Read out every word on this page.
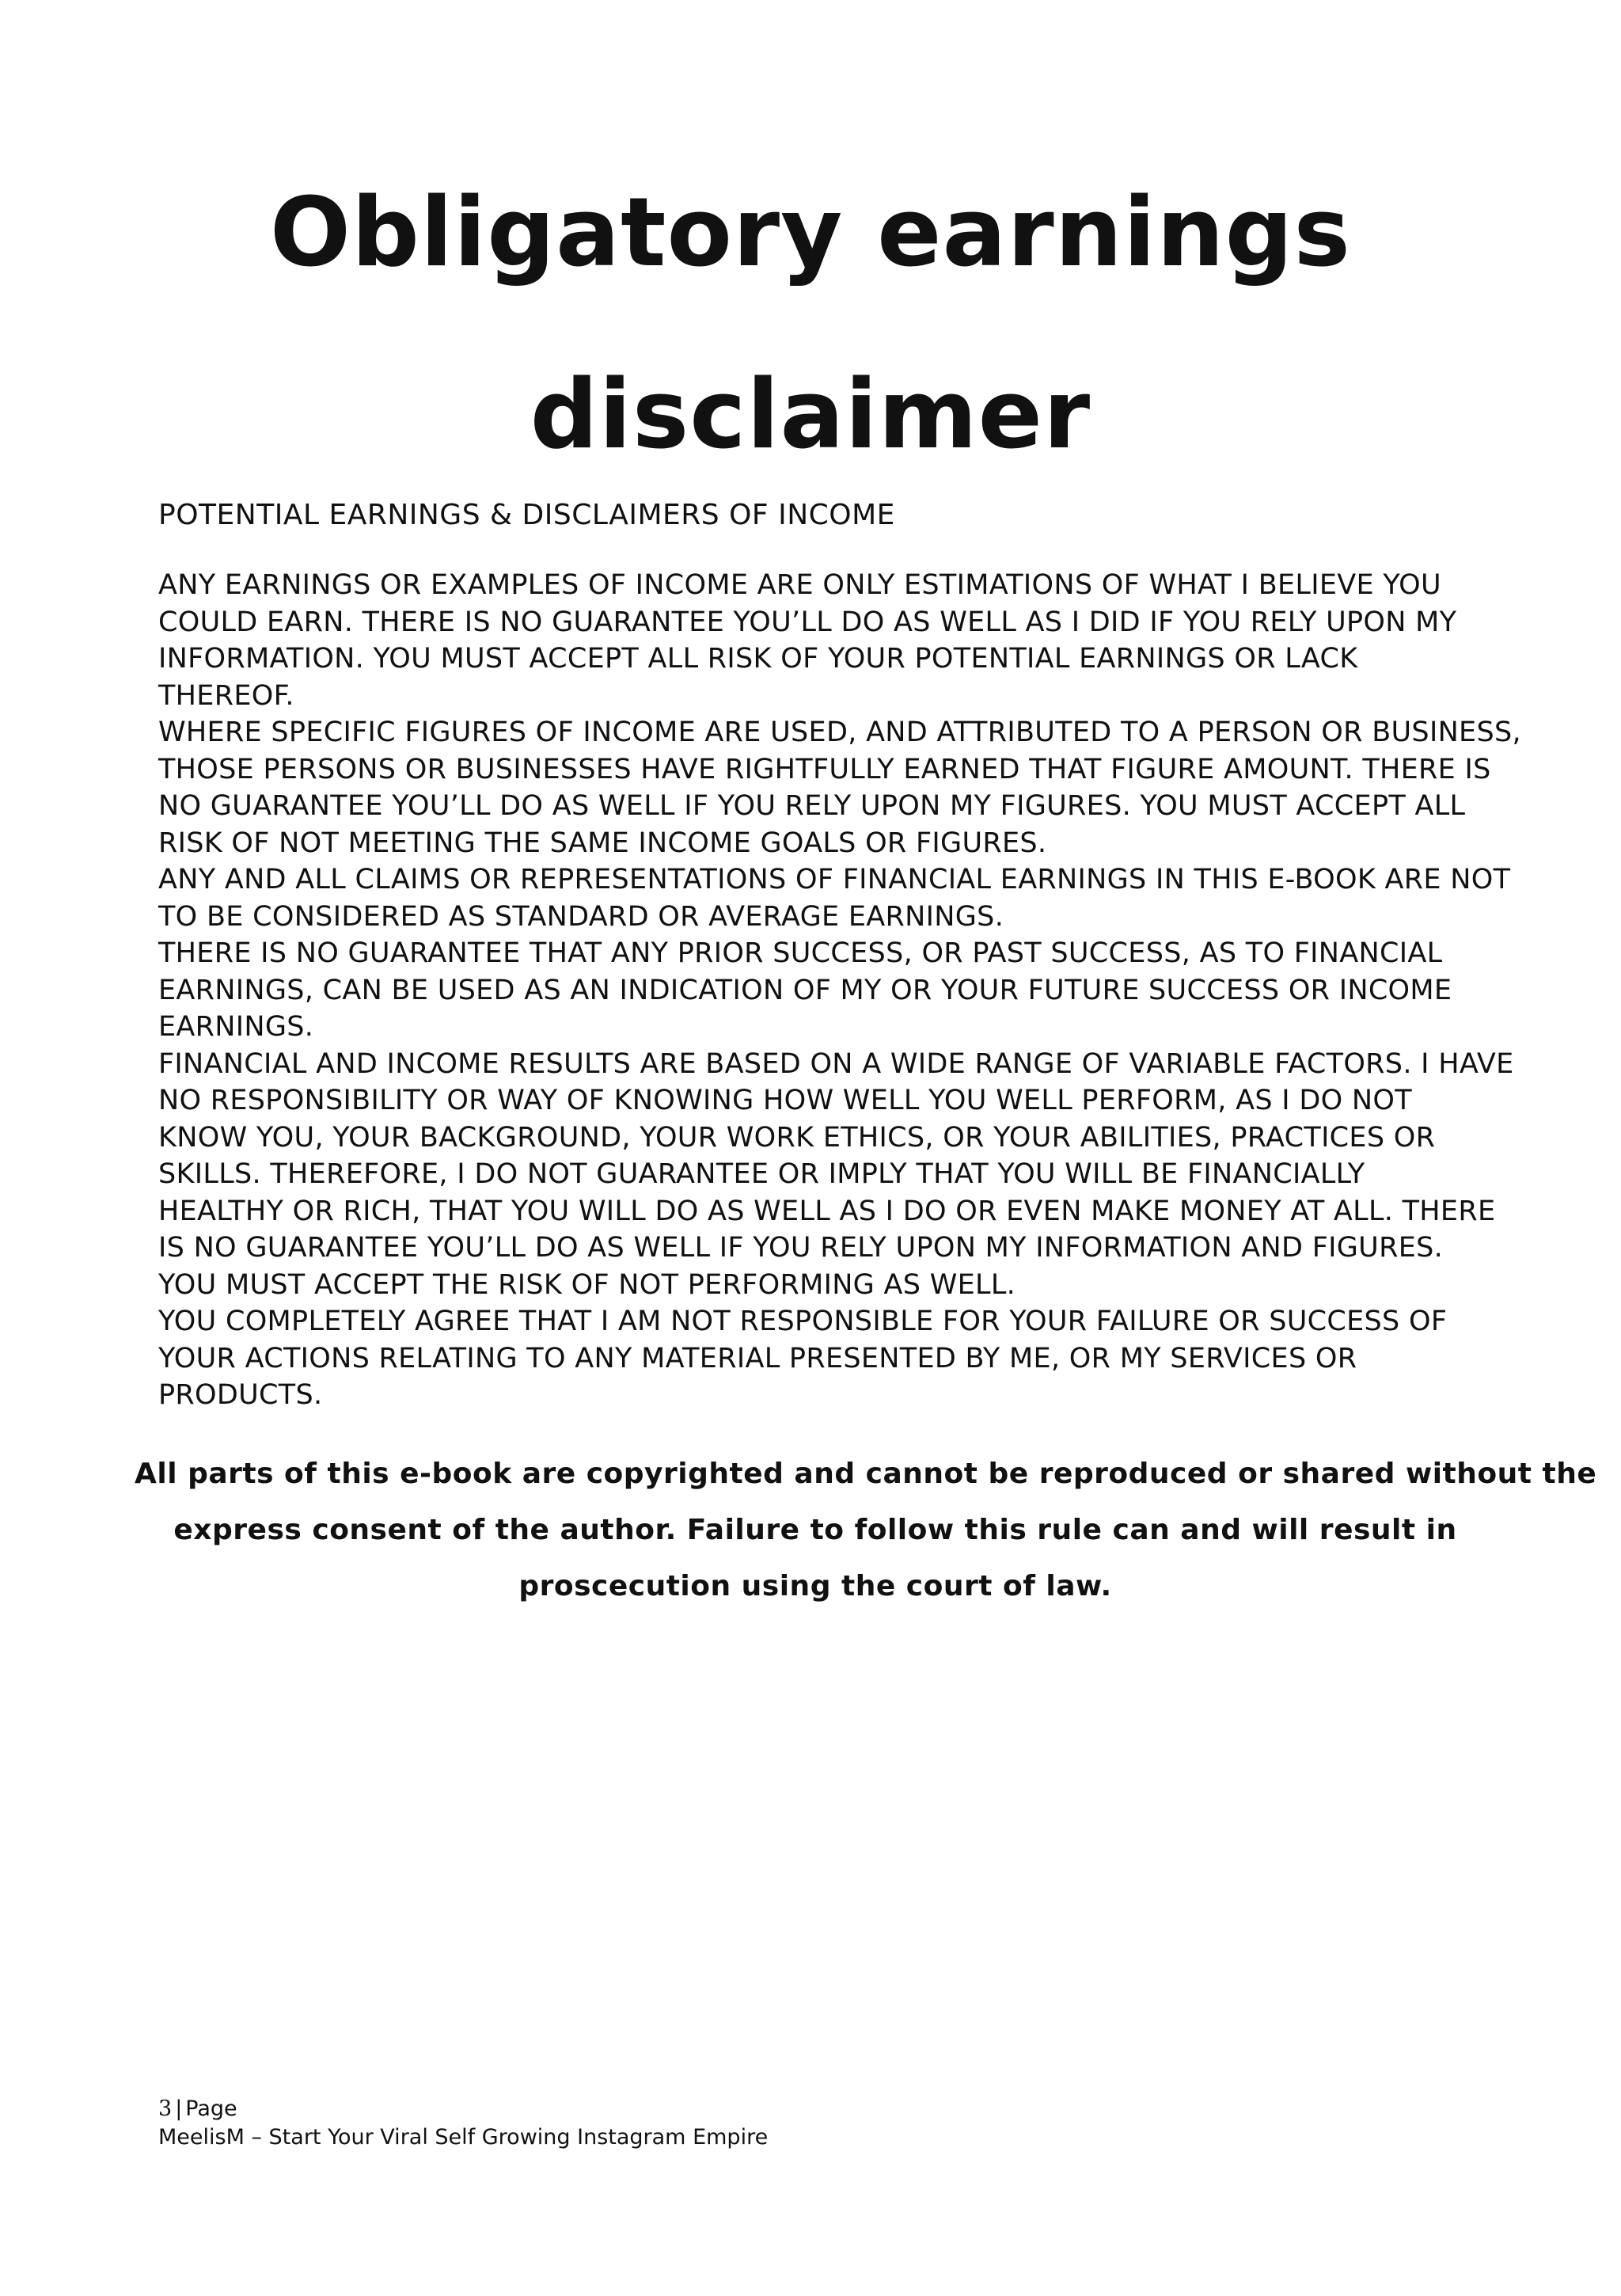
Obligatory earnings
disclaimer

POTENTIAL EARNINGS & DISCLAIMERS OF INCOME

ANY EARNINGS OR EXAMPLES OF INCOME ARE ONLY ESTIMATIONS OF WHAT I BELIEVE YOU
COULD EARN. THERE IS NO GUARANTEE YOU’LL DO AS WELL AS I DID IF YOU RELY UPON MY
INFORMATION. YOU MUST ACCEPT ALL RISK OF YOUR POTENTIAL EARNINGS OR LACK
THEREOF.
WHERE SPECIFIC FIGURES OF INCOME ARE USED, AND ATTRIBUTED TO A PERSON OR BUSINESS,
THOSE PERSONS OR BUSINESSES HAVE RIGHTFULLY EARNED THAT FIGURE AMOUNT. THERE IS
NO GUARANTEE YOU’LL DO AS WELL IF YOU RELY UPON MY FIGURES. YOU MUST ACCEPT ALL
RISK OF NOT MEETING THE SAME INCOME GOALS OR FIGURES.
ANY AND ALL CLAIMS OR REPRESENTATIONS OF FINANCIAL EARNINGS IN THIS E-BOOK ARE NOT
TO BE CONSIDERED AS STANDARD OR AVERAGE EARNINGS.
THERE IS NO GUARANTEE THAT ANY PRIOR SUCCESS, OR PAST SUCCESS, AS TO FINANCIAL
EARNINGS, CAN BE USED AS AN INDICATION OF MY OR YOUR FUTURE SUCCESS OR INCOME
EARNINGS.
FINANCIAL AND INCOME RESULTS ARE BASED ON A WIDE RANGE OF VARIABLE FACTORS. I HAVE
NO RESPONSIBILITY OR WAY OF KNOWING HOW WELL YOU WELL PERFORM, AS I DO NOT
KNOW YOU, YOUR BACKGROUND, YOUR WORK ETHICS, OR YOUR ABILITIES, PRACTICES OR
SKILLS. THEREFORE, I DO NOT GUARANTEE OR IMPLY THAT YOU WILL BE FINANCIALLY
HEALTHY OR RICH, THAT YOU WILL DO AS WELL AS I DO OR EVEN MAKE MONEY AT ALL. THERE
IS NO GUARANTEE YOU’LL DO AS WELL IF YOU RELY UPON MY INFORMATION AND FIGURES.
YOU MUST ACCEPT THE RISK OF NOT PERFORMING AS WELL.
YOU COMPLETELY AGREE THAT I AM NOT RESPONSIBLE FOR YOUR FAILURE OR SUCCESS OF
YOUR ACTIONS RELATING TO ANY MATERIAL PRESENTED BY ME, OR MY SERVICES OR
PRODUCTS.
All parts of this e-book are copyrighted and cannot be reproduced or shared without the
express consent of the author. Failure to follow this rule can and will result in
proscecution using the court of law.
3 | Page
MeelisM – Start Your Viral Self Growing Instagram Empire
